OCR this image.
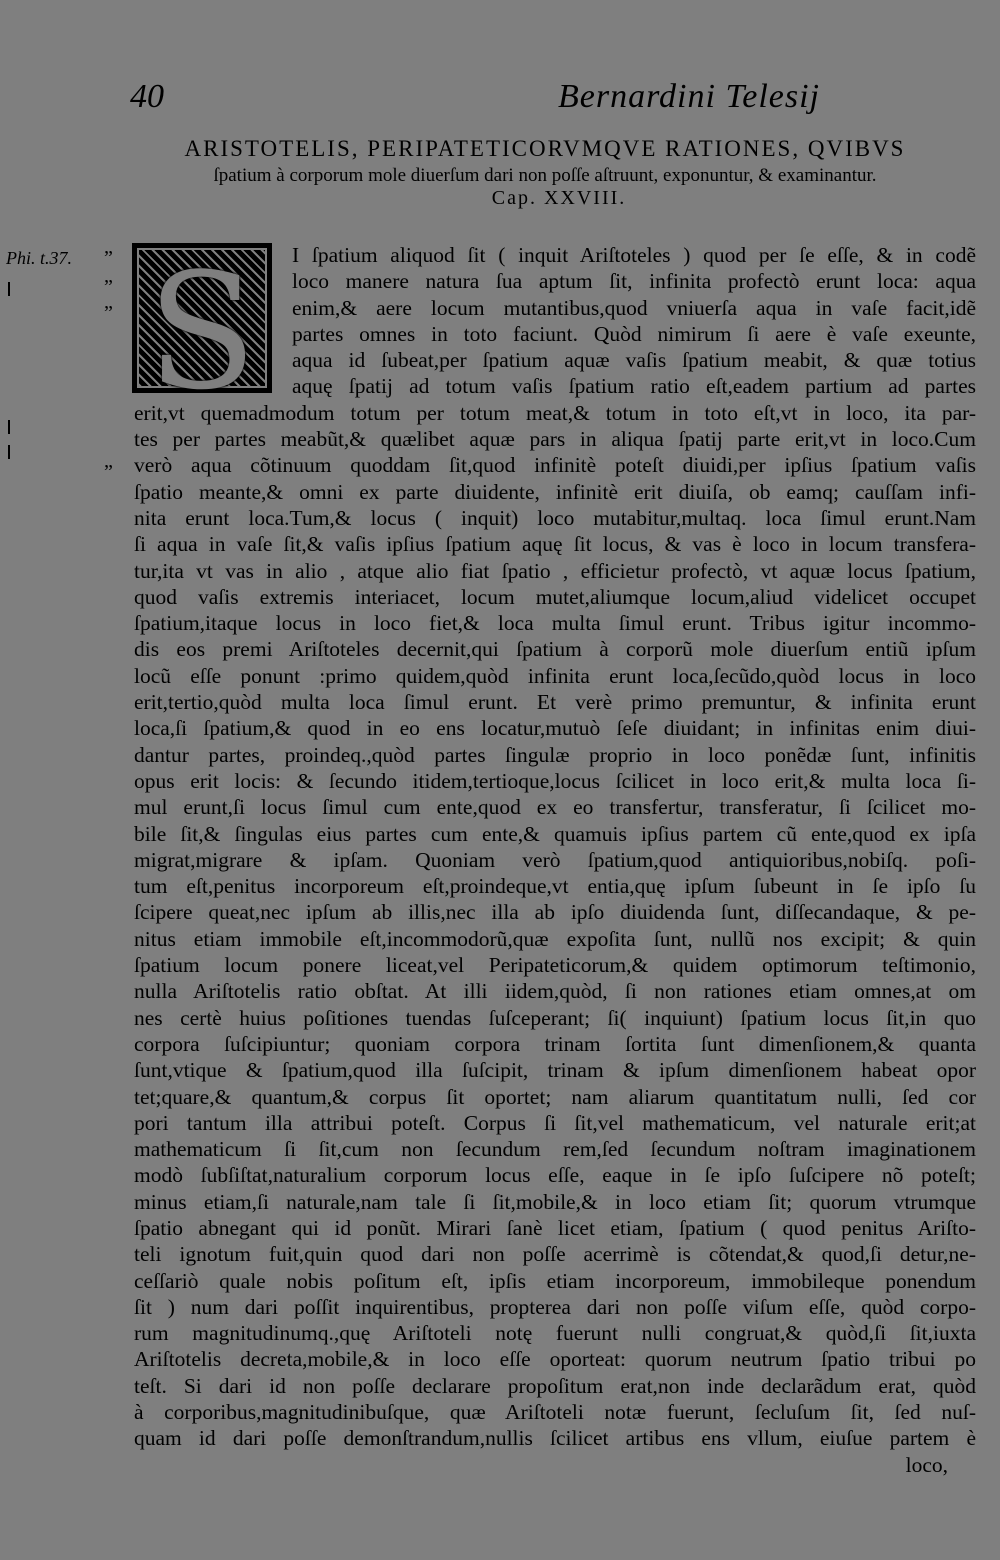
40	Bernardini Telesij
ARISTOTELIS, PERIPATETICORVMQVE RATIONES, QVIBVS
ſpatium à corporum mole diuerſum dari non poſſe aſtruunt, exponuntur, & examinantur. Cap. XXVIII.
Phi. t.37. ”
”
”
”
S	I ſpatium aliquod ſit ( inquit Ariſtoteles ) quod per ſe eſſe, & in codẽ
loco manere natura ſua aptum ſit, infinita profectò erunt loca: aqua
enim,& aere locum mutantibus,quod vniuerſa aqua in vaſe facit,idẽ
partes omnes in toto faciunt. Quòd nimirum ſi aere è vaſe exeunte,
aqua id ſubeat,per ſpatium aquæ vaſis ſpatium meabit, & quæ totius
aquę ſpatij ad totum vaſis ſpatium ratio eſt,eadem partium ad partes
erit,vt quemadmodum totum per totum meat,& totum in toto eſt,vt in loco, ita par-
tes per partes meabũt,& quælibet aquæ pars in aliqua ſpatij parte erit,vt in loco.Cum
verò aqua cõtinuum quoddam ſit,quod infinitè poteſt diuidi,per ipſius ſpatium vaſis
ſpatio meante,& omni ex parte diuidente, infinitè erit diuiſa, ob eamq; cauſſam infi-
nita erunt loca.Tum,& locus ( inquit) loco mutabitur,multaq. loca ſimul erunt.Nam
ſi aqua in vaſe ſit,& vaſis ipſius ſpatium aquę ſit locus, & vas è loco in locum transfera-
tur,ita vt vas in alio , atque alio fiat ſpatio , efficietur profectò, vt aquæ locus ſpatium,
quod vaſis extremis interiacet, locum mutet,aliumque locum,aliud videlicet occupet
ſpatium,itaque locus in loco fiet,& loca multa ſimul erunt. Tribus igitur incommo-
dis eos premi Ariſtoteles decernit,qui ſpatium à corporũ mole diuerſum entiũ ipſum
locũ eſſe ponunt :primo quidem,quòd infinita erunt loca,ſecũdo,quòd locus in loco
erit,tertio,quòd multa loca ſimul erunt. Et verè primo premuntur, & infinita erunt
loca,ſi ſpatium,& quod in eo ens locatur,mutuò ſeſe diuidant; in infinitas enim diui-
dantur partes, proindeq.,quòd partes ſingulæ proprio in loco ponẽdæ ſunt, infinitis
opus erit locis: & ſecundo itidem,tertioque,locus ſcilicet in loco erit,& multa loca ſi-
mul erunt,ſi locus ſimul cum ente,quod ex eo transfertur, transferatur, ſi ſcilicet mo-
bile ſit,& ſingulas eius partes cum ente,& quamuis ipſius partem cũ ente,quod ex ipſa
migrat,migrare & ipſam. Quoniam verò ſpatium,quod antiquioribus,nobiſq. poſi-
tum eſt,penitus incorporeum eſt,proindeque,vt entia,quę ipſum ſubeunt in ſe ipſo ſu
ſcipere queat,nec ipſum ab illis,nec illa ab ipſo diuidenda ſunt, diſſecandaque, & pe-
nitus etiam immobile eſt,incommodorũ,quæ expoſita ſunt, nullũ nos excipit; & quin
ſpatium locum ponere liceat,vel Peripateticorum,& quidem optimorum teſtimonio,
nulla Ariſtotelis ratio obſtat. At illi iidem,quòd, ſi non rationes etiam omnes,at om
nes certè huius poſitiones tuendas ſuſceperant; ſi( inquiunt) ſpatium locus ſit,in quo
corpora ſuſcipiuntur; quoniam corpora trinam ſortita ſunt dimenſionem,& quanta
ſunt,vtique & ſpatium,quod illa ſuſcipit, trinam & ipſum dimenſionem habeat opor
tet;quare,& quantum,& corpus ſit oportet; nam aliarum quantitatum nulli, ſed cor
pori tantum illa attribui poteſt. Corpus ſi ſit,vel mathematicum, vel naturale erit;at
mathematicum ſi ſit,cum non ſecundum rem,ſed ſecundum noſtram imaginationem
modò ſubſiſtat,naturalium corporum locus eſſe, eaque in ſe ipſo ſuſcipere nõ poteſt;
minus etiam,ſi naturale,nam tale ſi ſit,mobile,& in loco etiam ſit; quorum vtrumque
ſpatio abnegant qui id ponũt. Mirari ſanè licet etiam, ſpatium ( quod penitus Ariſto-
teli ignotum fuit,quin quod dari non poſſe acerrimè is cõtendat,& quod,ſi detur,ne-
ceſſariò quale nobis poſitum eſt, ipſis etiam incorporeum, immobileque ponendum
ſit ) num dari poſſit inquirentibus, propterea dari non poſſe viſum eſſe, quòd corpo-
rum magnitudinumq.,quę Ariſtoteli notę fuerunt nulli congruat,& quòd,ſi ſit,iuxta
Ariſtotelis decreta,mobile,& in loco eſſe oporteat: quorum neutrum ſpatio tribui po
teſt. Si dari id non poſſe declarare propoſitum erat,non inde declarãdum erat, quòd
à corporibus,magnitudinibuſque, quæ Ariſtoteli notæ fuerunt, ſecluſum ſit, ſed nuſ-
quam id dari poſſe demonſtrandum,nullis ſcilicet artibus ens vllum, eiuſue partem è
loco,
